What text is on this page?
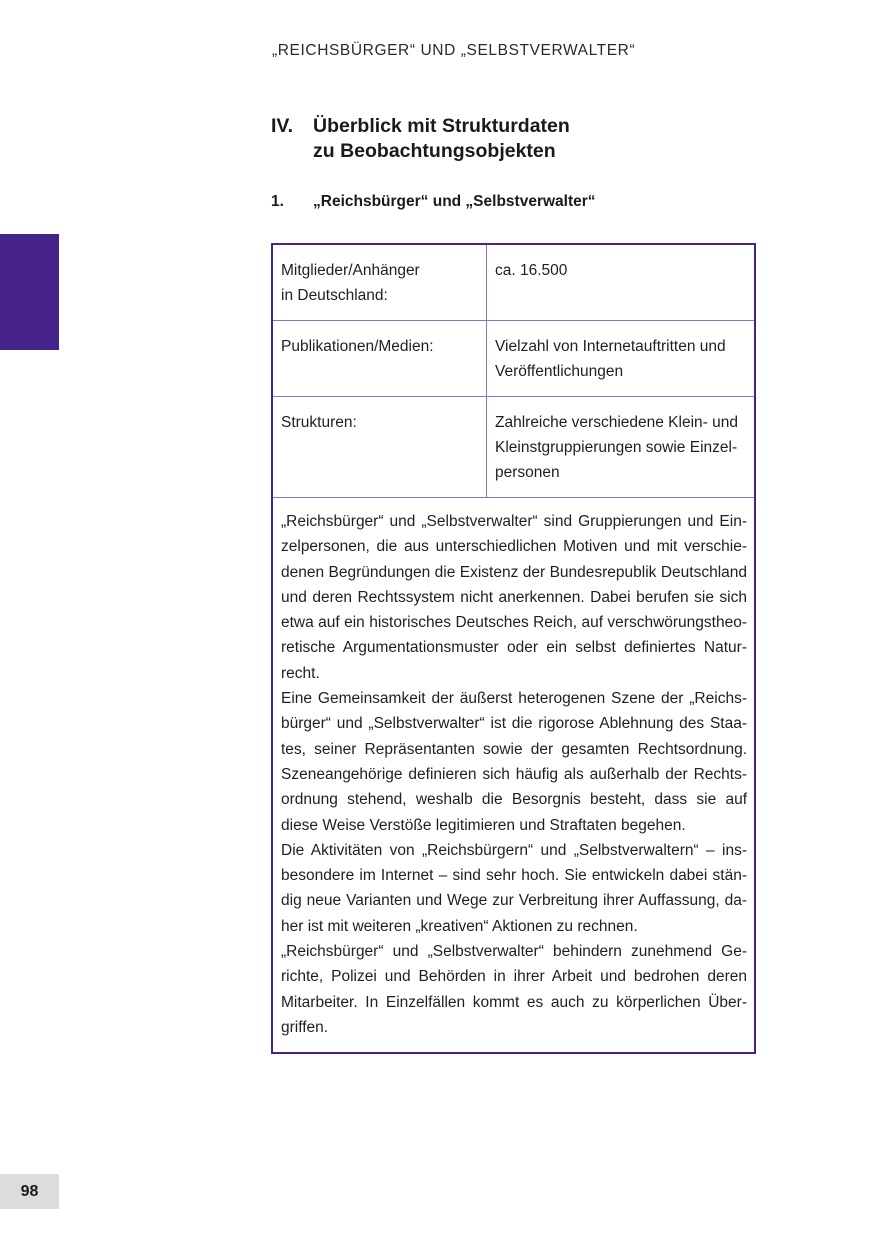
„REICHSBÜRGER“ UND „SELBSTVERWALTER“
IV. Überblick mit Strukturdaten
zu Beobachtungsobjekten
1. „Reichsbürger“ und „Selbstverwalter“
Mitglieder/Anhänger
in Deutschland:	ca. 16.500

Publikationen/Medien:	Vielzahl von Internetauftritten und
Veröffentlichungen

Strukturen:	Zahlreiche verschiedene Klein- und
Kleinstgruppierungen sowie Einzel-
personen

„Reichsbürger“ und „Selbstverwalter“ sind Gruppierungen und Einzelpersonen, die aus unterschiedlichen Motiven und mit verschiedenen Begründungen die Existenz der Bundesrepublik Deutschland und deren Rechtssystem nicht anerkennen. Dabei berufen sie sich etwa auf ein historisches Deutsches Reich, auf verschwörungstheoretische Argumentationsmuster oder ein selbst definiertes Naturrecht.

Eine Gemeinsamkeit der äußerst heterogenen Szene der „Reichsbürger“ und „Selbstverwalter“ ist die rigorose Ablehnung des Staates, seiner Repräsentanten sowie der gesamten Rechtsordnung. Szeneangehörige definieren sich häufig als außerhalb der Rechtsordnung stehend, weshalb die Besorgnis besteht, dass sie auf diese Weise Verstöße legitimieren und Straftaten begehen.

Die Aktivitäten von „Reichsbürgern“ und „Selbstverwaltern“ – insbesondere im Internet – sind sehr hoch. Sie entwickeln dabei ständig neue Varianten und Wege zur Verbreitung ihrer Auffassung, daher ist mit weiteren „kreativen“ Aktionen zu rechnen.

„Reichsbürger“ und „Selbstverwalter“ behindern zunehmend Gerichte, Polizei und Behörden in ihrer Arbeit und bedrohen deren Mitarbeiter. In Einzelfällen kommt es auch zu körperlichen Übergriffen.

98
